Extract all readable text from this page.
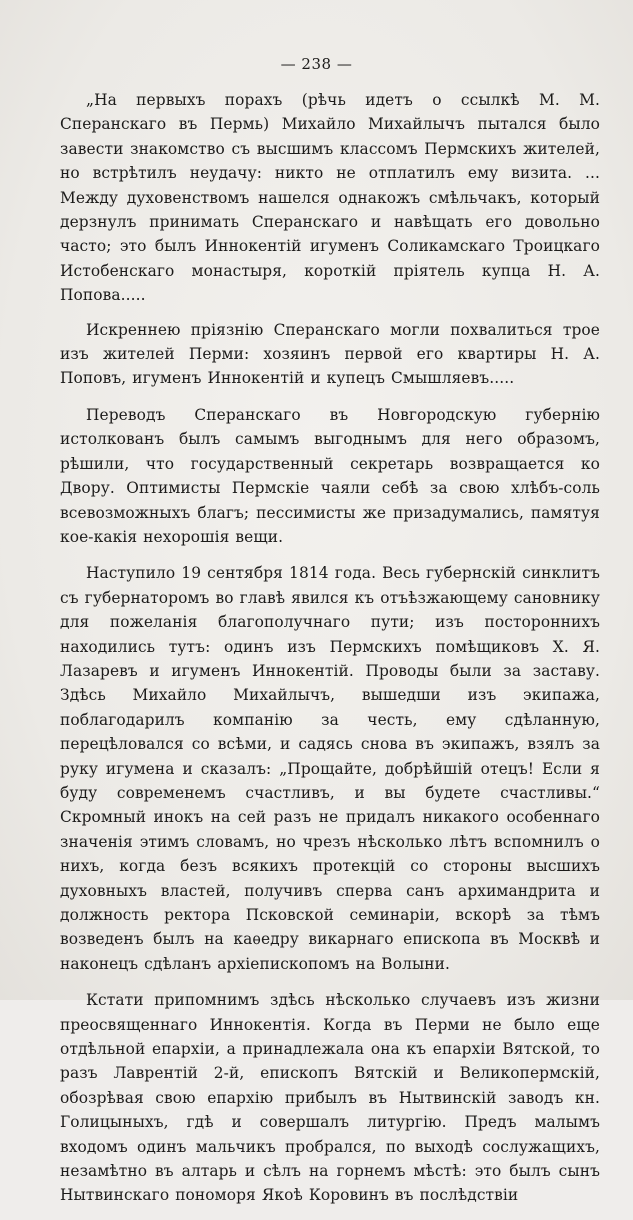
— 238 —

„На первыхъ порахъ (рѣчь идетъ о ссылкѣ М. М. Сперанскаго въ Пермь) Михайло Михайлычъ пытался было завести знакомство съ высшимъ классомъ Пермскихъ жителей, но встрѣтилъ неудачу: никто не отплатилъ ему визита. ... Между духовенствомъ нашелся однакожъ смѣльчакъ, который дерзнулъ принимать Сперанскаго и навѣщать его довольно часто; это былъ Иннокентій игуменъ Соликамскаго Троицкаго Истобенскаго монастыря, короткій пріятель купца Н. А. Попова.....

Искреннею пріязнію Сперанскаго могли похвалиться трое изъ жителей Перми: хозяинъ первой его квартиры Н. А. Поповъ, игуменъ Иннокентій и купецъ Смышляевъ.....

Переводъ Сперанскаго въ Новгородскую губернію истолкованъ былъ самымъ выгоднымъ для него образомъ, рѣшили, что государственный секретарь возвращается ко Двору. Оптимисты Пермскіе чаяли себѣ за свою хлѣбъ-соль всевозможныхъ благъ; пессимисты же призадумались, памятуя кое-какія нехорошія вещи.

Наступило 19 сентября 1814 года. Весь губернскій синклитъ съ губернаторомъ во главѣ явился къ отъѣзжающему сановнику для пожеланія благополучнаго пути; изъ постороннихъ находились тутъ: одинъ изъ Пермскихъ помѣщиковъ Х. Я. Лазаревъ и игуменъ Иннокентій. Проводы были за заставу. Здѣсь Михайло Михайлычъ, вышедши изъ экипажа, поблагодарилъ компанію за честь, ему сдѣланную, перецѣловался со всѣми, и садясь снова въ экипажъ, взялъ за руку игумена и сказалъ: „Прощайте, добрѣйшій отецъ! Если я буду современемъ счастливъ, и вы будете счастливы.“ Скромный инокъ на сей разъ не придалъ никакого особеннаго значенія этимъ словамъ, но чрезъ нѣсколько лѣтъ вспомнилъ о нихъ, когда безъ всякихъ протекцій со стороны высшихъ духовныхъ властей, получивъ сперва санъ архимандрита и должность ректора Псковской семинаріи, вскорѣ за тѣмъ возведенъ былъ на каѳедру викарнаго епископа въ Москвѣ и наконецъ сдѣланъ архіепископомъ на Волыни.

Кстати припомнимъ здѣсь нѣсколько случаевъ изъ жизни преосвященнаго Иннокентія. Когда въ Перми не было еще отдѣльной епархіи, а принадлежала она къ епархіи Вятской, то разъ Лаврентій 2-й, епископъ Вятскій и Великопермскій, обозрѣвая свою епархію прибылъ въ Нытвинскій заводъ кн. Голицыныхъ, гдѣ и совершалъ литургію. Предъ малымъ входомъ одинъ мальчикъ пробрался, по выходѣ сослужащихъ, незамѣтно въ алтарь и сѣлъ на горнемъ мѣстѣ: это былъ сынъ Нытвинскаго пономоря Якоѣ Коровинъ въ послѣдствіи
